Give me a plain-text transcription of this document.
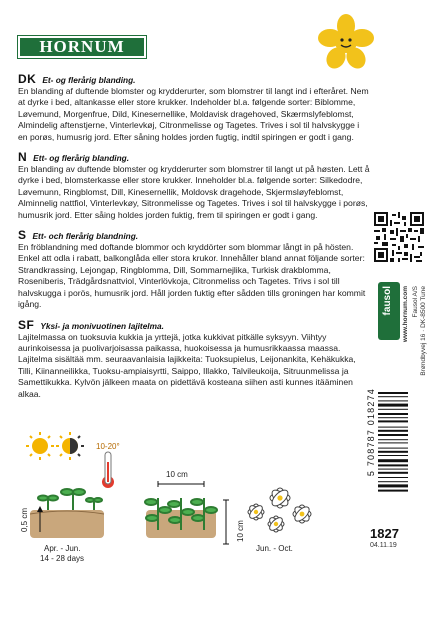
HORNUM
DK Et- og flerårig blanding.

En blanding af duftende blomster og krydderurter, som blomstrer til langt ind i efteråret. Nem at dyrke i bed, altankasse eller store krukker. Indeholder bl.a. følgende sorter: Biblomme, Løvemund, Morgenfrue, Dild, Kinesernellike, Moldavisk dragehoved, Skærmslyfeblomst, Almindelig aftenstjerne, Vinterlevkøj, Citronmelisse og Tagetes. Trives i sol til halvskygge i en porøs, humusrig jord. Efter såning holdes jorden fugtig, indtil spiringen er godt i gang.

N Ett- og flerårig blanding.

En blanding av duftende blomster og krydderurter som blomstrer til langt ut på høsten. Lett å dyrke i bed, blomsterkasse eller store krukker. Inneholder bl.a. følgende sorter: Silkedodre, Løvemunn, Ringblomst, Dill, Kinesernellik, Moldovsk dragehode, Skjermsløyfeblomst, Alminnelig nattfiol, Vinterlevkøy, Sitronmelisse og Tagetes. Trives i sol til halvskygge i porøs, humusrik jord. Etter såing holdes jorden fuktig, frem til spiringen er godt i gang.

S Ett- och flerårig blandning.

En fröblandning med doftande blommor och kryddörter som blommar långt in på hösten. Enkel att odla i rabatt, balkonglåda eller stora krukor. Innehåller bland annat följande sorter: Strandkrassing, Lejongap, Ringblomma, Dill, Sommarnejlika, Turkisk drakblomma, Roseniberis, Trädgårdsnattviol, Vinterlövkoja, Citronmeliss och Tagetes. Trivs i sol till halvskugga i porös, humusrik jord. Håll jorden fuktig efter sådden tills groningen har kommit igång.

SF Yksi- ja monivuotinen lajitelma.

Lajitelmassa on tuoksuvia kukkia ja yrttejä, jotka kukkivat pitkälle syksyyn. Viihtyy aurinkoisessa ja puolivarjoisassa paikassa, huokoisessa ja humusrikkaassa maassa. Lajitelma sisältää mm. seuraavanlaisia lajikkeita: Tuoksupielus, Leijonankita, Kehäkukka, Tilli, Kiinanneilikka, Tuoksu-ampiaisyrtti, Saippo, Illakko, Talvileukoija, Sitruunmelissa ja Samettikukka. Kylvön jälkeen maata on pidettävä kosteana siihen asti kunnes itääminen alkaa.

fausol www.hornum.com Fausol A/S Brøndbyvej 16 · DK-8500 Tune
5 708787 018274
1827
04.11.19
0,5 cm
10-20°
Apr. - Jun.
14 - 28 days
10 cm
10 cm
Jun. - Oct.
